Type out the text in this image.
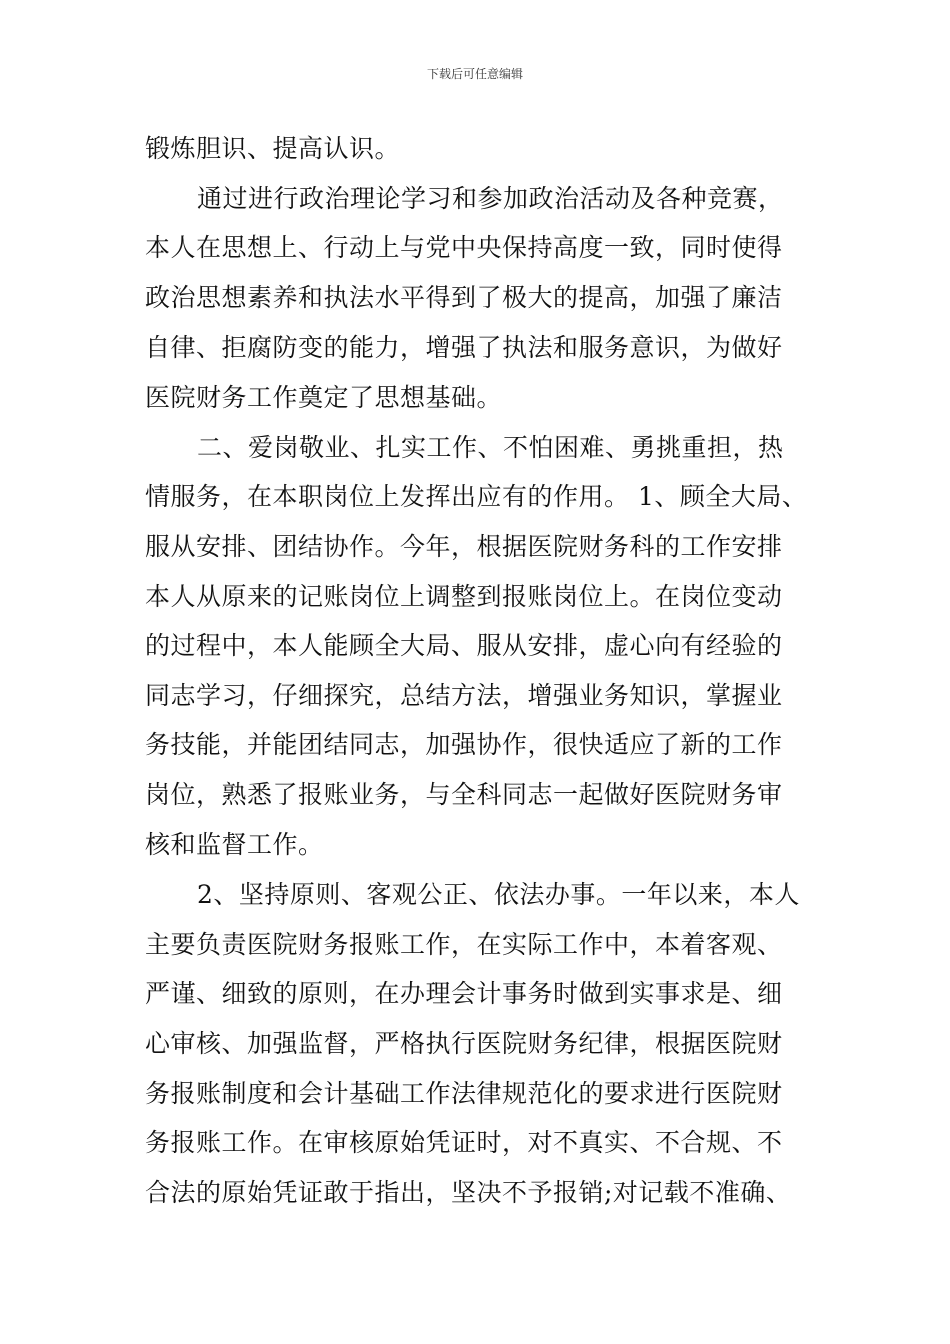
下载后可任意编辑
锻炼胆识、提高认识。
通过进行政治理论学习和参加政治活动及各种竞赛，
本人在思想上、行动上与党中央保持高度一致，同时使得
政治思想素养和执法水平得到了极大的提高，加强了廉洁
自律、拒腐防变的能力，增强了执法和服务意识，为做好
医院财务工作奠定了思想基础。
二、爱岗敬业、扎实工作、不怕困难、勇挑重担，热
情服务，在本职岗位上发挥出应有的作用。 1、顾全大局、
服从安排、团结协作。今年，根据医院财务科的工作安排
本人从原来的记账岗位上调整到报账岗位上。在岗位变动
的过程中，本人能顾全大局、服从安排，虚心向有经验的
同志学习，仔细探究，总结方法，增强业务知识，掌握业
务技能，并能团结同志，加强协作，很快适应了新的工作
岗位，熟悉了报账业务，与全科同志一起做好医院财务审
核和监督工作。
2、坚持原则、客观公正、依法办事。一年以来，本人
主要负责医院财务报账工作，在实际工作中，本着客观、
严谨、细致的原则，在办理会计事务时做到实事求是、细
心审核、加强监督，严格执行医院财务纪律，根据医院财
务报账制度和会计基础工作法律规范化的要求进行医院财
务报账工作。在审核原始凭证时，对不真实、不合规、不
合法的原始凭证敢于指出，坚决不予报销;对记载不准确、
